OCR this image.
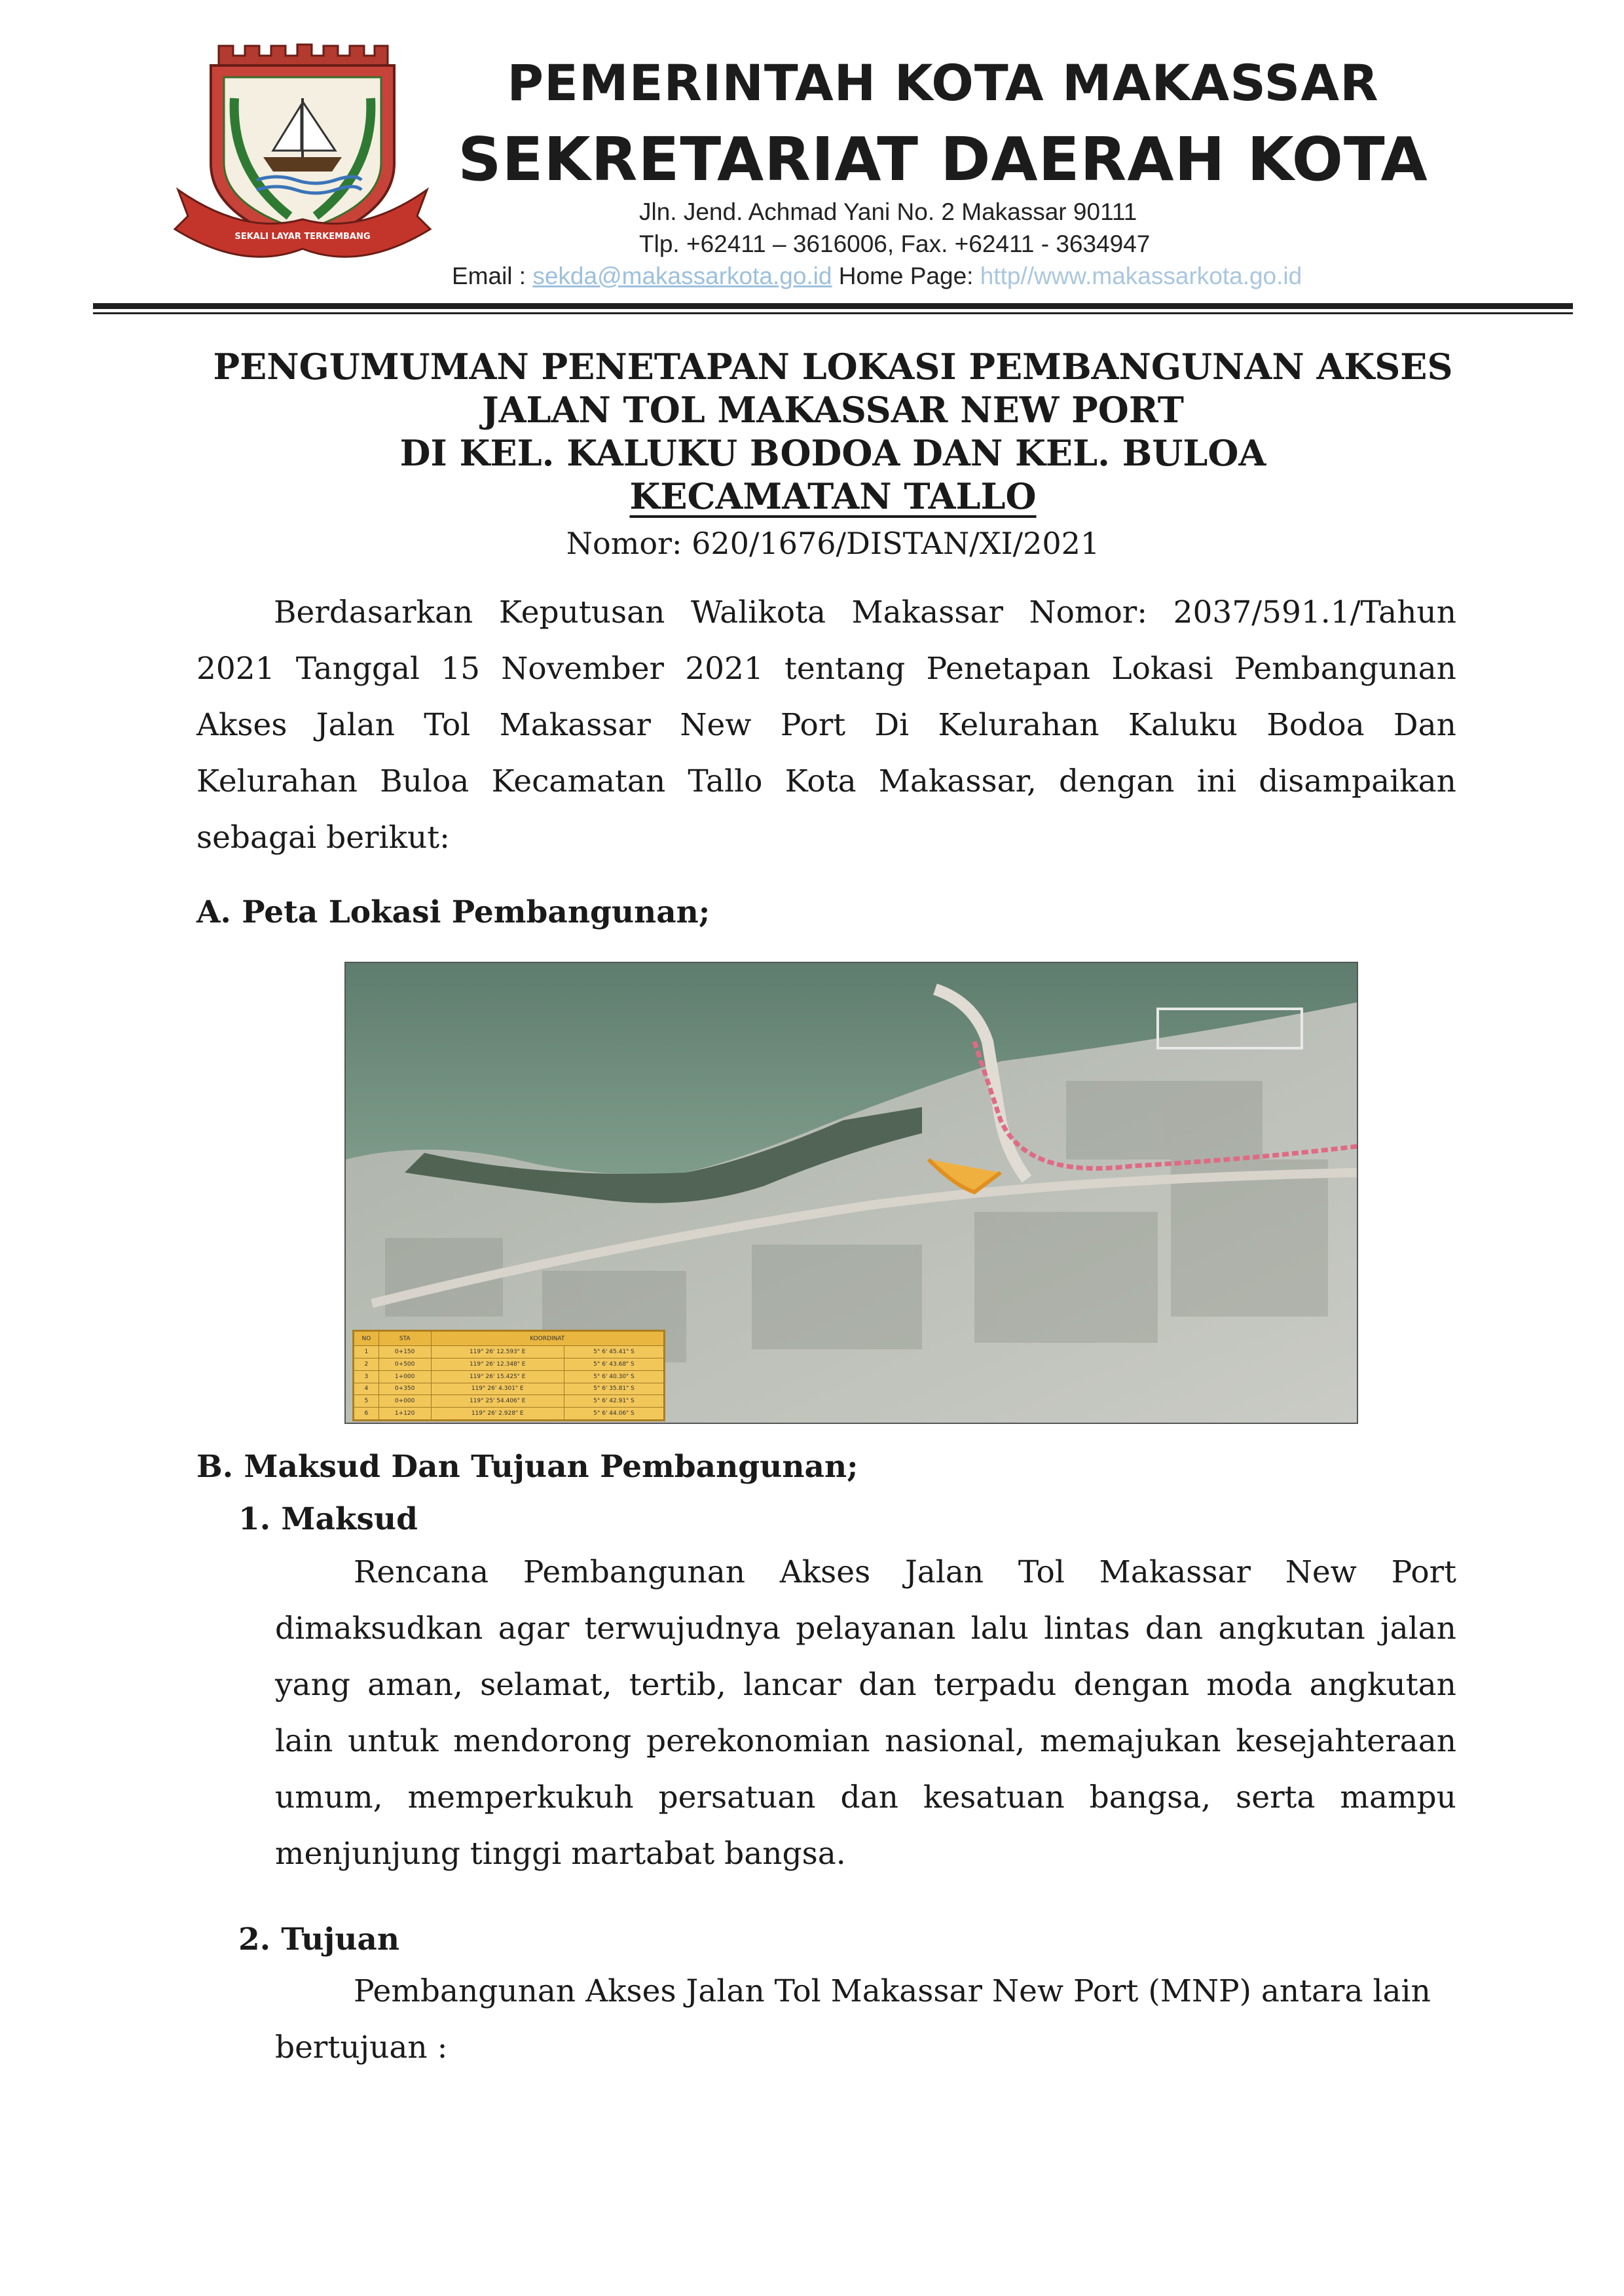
SEKALI LAYAR TERKEMBANG
PEMERINTAH KOTA MAKASSAR
SEKRETARIAT DAERAH KOTA
Jln. Jend. Achmad Yani No. 2 Makassar 90111
Tlp. +62411 – 3616006, Fax. +62411 - 3634947
Email : sekda@makassarkota.go.id Home Page: http//www.makassarkota.go.id
PENGUMUMAN PENETAPAN LOKASI PEMBANGUNAN AKSES
JALAN TOL MAKASSAR NEW PORT
DI KEL. KALUKU BODOA DAN KEL. BULOA
KECAMATAN TALLO
Nomor: 620/1676/DISTAN/XI/2021
Berdasarkan Keputusan Walikota Makassar Nomor: 2037/591.1/Tahun
2021 Tanggal 15 November 2021 tentang Penetapan Lokasi Pembangunan
Akses Jalan Tol Makassar New Port Di Kelurahan Kaluku Bodoa Dan
Kelurahan Buloa Kecamatan Tallo Kota Makassar, dengan ini disampaikan
sebagai berikut:
A. Peta Lokasi Pembangunan;
NO	STA	KOORDINAT	
1	0+150	119° 26' 12.593" E	5° 6' 45.41" S
2	0+500	119° 26' 12.348" E	5° 6' 43.68" S
3	1+000	119° 26' 15.425" E	5° 6' 40.30" S
4	0+350	119° 26' 4.301" E	5° 6' 35.81" S
5	0+000	119° 25' 54.406" E	5° 6' 42.91" S
6	1+120	119° 26' 2.928" E	5° 6' 44.06" S
B. Maksud Dan Tujuan Pembangunan;
1. Maksud
Rencana Pembangunan Akses Jalan Tol Makassar New Port
dimaksudkan agar terwujudnya pelayanan lalu lintas dan angkutan jalan
yang aman, selamat, tertib, lancar dan terpadu dengan moda angkutan
lain untuk mendorong perekonomian nasional, memajukan kesejahteraan
umum, memperkukuh persatuan dan kesatuan bangsa, serta mampu
menjunjung tinggi martabat bangsa.
2. Tujuan
Pembangunan Akses Jalan Tol Makassar New Port (MNP) antara lain
bertujuan :
